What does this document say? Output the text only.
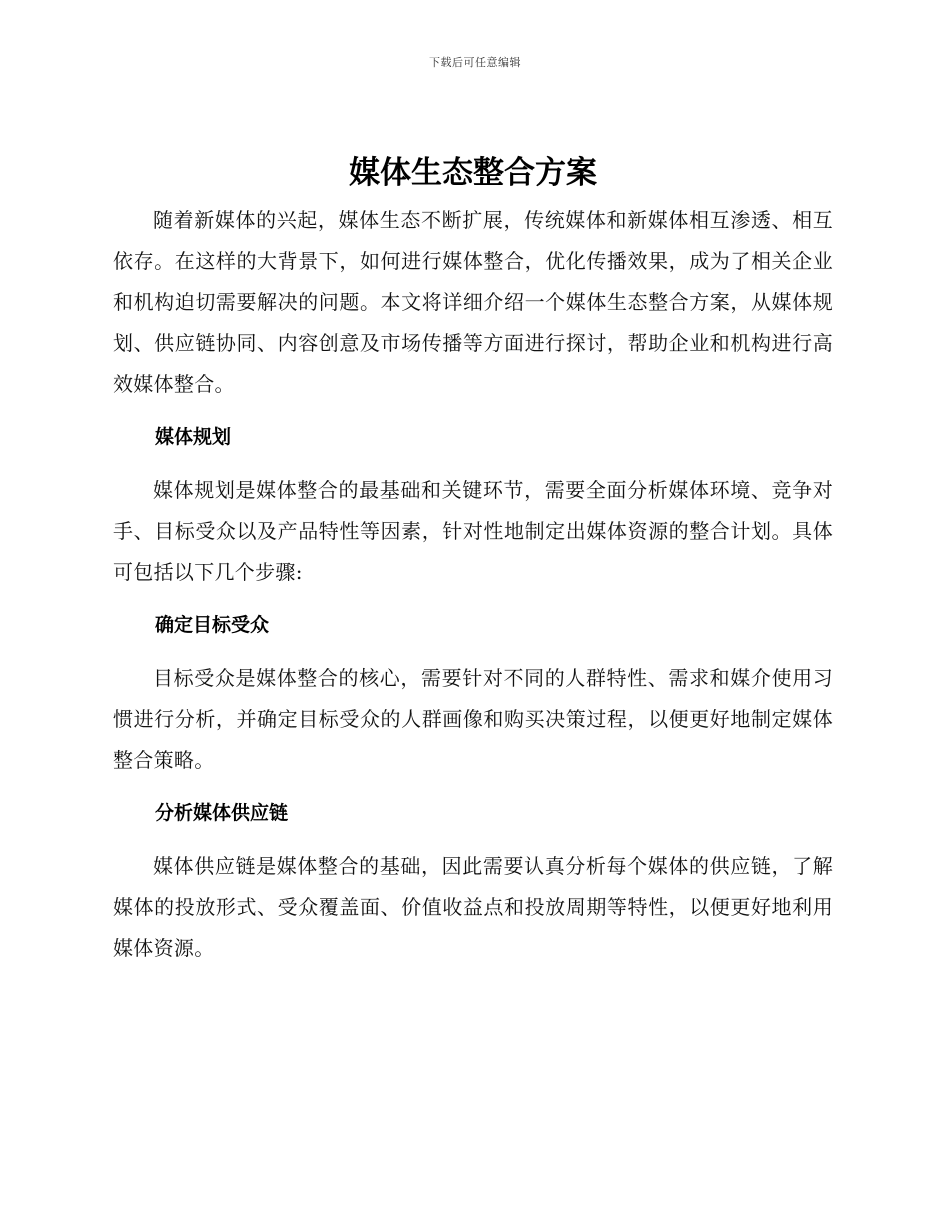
下载后可任意编辑
媒体生态整合方案

随着新媒体的兴起，媒体生态不断扩展，传统媒体和新媒体相互渗透、相互依存。在这样的大背景下，如何进行媒体整合，优化传播效果，成为了相关企业和机构迫切需要解决的问题。本文将详细介绍一个媒体生态整合方案，从媒体规划、供应链协同、内容创意及市场传播等方面进行探讨，帮助企业和机构进行高效媒体整合。

媒体规划

媒体规划是媒体整合的最基础和关键环节，需要全面分析媒体环境、竞争对手、目标受众以及产品特性等因素，针对性地制定出媒体资源的整合计划。具体可包括以下几个步骤:

确定目标受众

目标受众是媒体整合的核心，需要针对不同的人群特性、需求和媒介使用习惯进行分析，并确定目标受众的人群画像和购买决策过程，以便更好地制定媒体整合策略。

分析媒体供应链

媒体供应链是媒体整合的基础，因此需要认真分析每个媒体的供应链，了解媒体的投放形式、受众覆盖面、价值收益点和投放周期等特性，以便更好地利用媒体资源。
